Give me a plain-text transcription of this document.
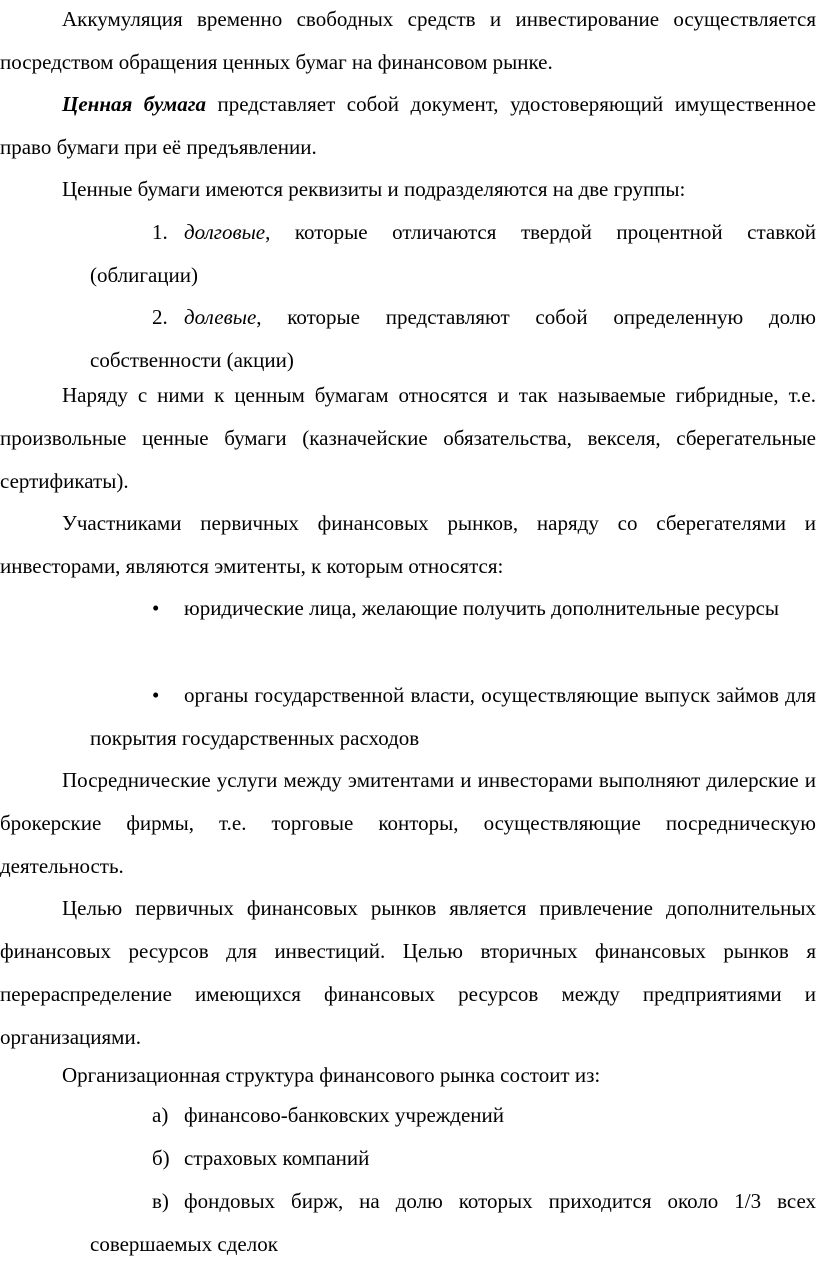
Аккумуляция временно свободных средств и инвестирование осуществляется посредством обращения ценных бумаг на финансовом рынке.

Ценная бумага представляет собой документ, удостоверяющий имущественное право бумаги при её предъявлении.

Ценные бумаги имеются реквизиты и подразделяются на две группы:

1. долговые, которые отличаются твердой процентной ставкой (облигации)

2. долевые, которые представляют собой определенную долю собственности (акции)

Наряду с ними к ценным бумагам относятся и так называемые гибридные, т.е. произвольные ценные бумаги (казначейские обязательства, векселя, сберегательные сертификаты).

Участниками первичных финансовых рынков, наряду со сберегателями и инвесторами, являются эмитенты, к которым относятся:

• юридические лица, желающие получить дополнительные ресурсы

• органы государственной власти, осуществляющие выпуск займов для покрытия государственных расходов

Посреднические услуги между эмитентами и инвесторами выполняют дилерские и брокерские фирмы, т.е. торговые конторы, осуществляющие посредническую деятельность.

Целью первичных финансовых рынков является привлечение дополнительных финансовых ресурсов для инвестиций. Целью вторичных финансовых рынков я перераспределение имеющихся финансовых ресурсов между предприятиями и организациями.

Организационная структура финансового рынка состоит из:

а) финансово-банковских учреждений

б) страховых компаний

в) фондовых бирж, на долю которых приходится около 1/3 всех совершаемых сделок
